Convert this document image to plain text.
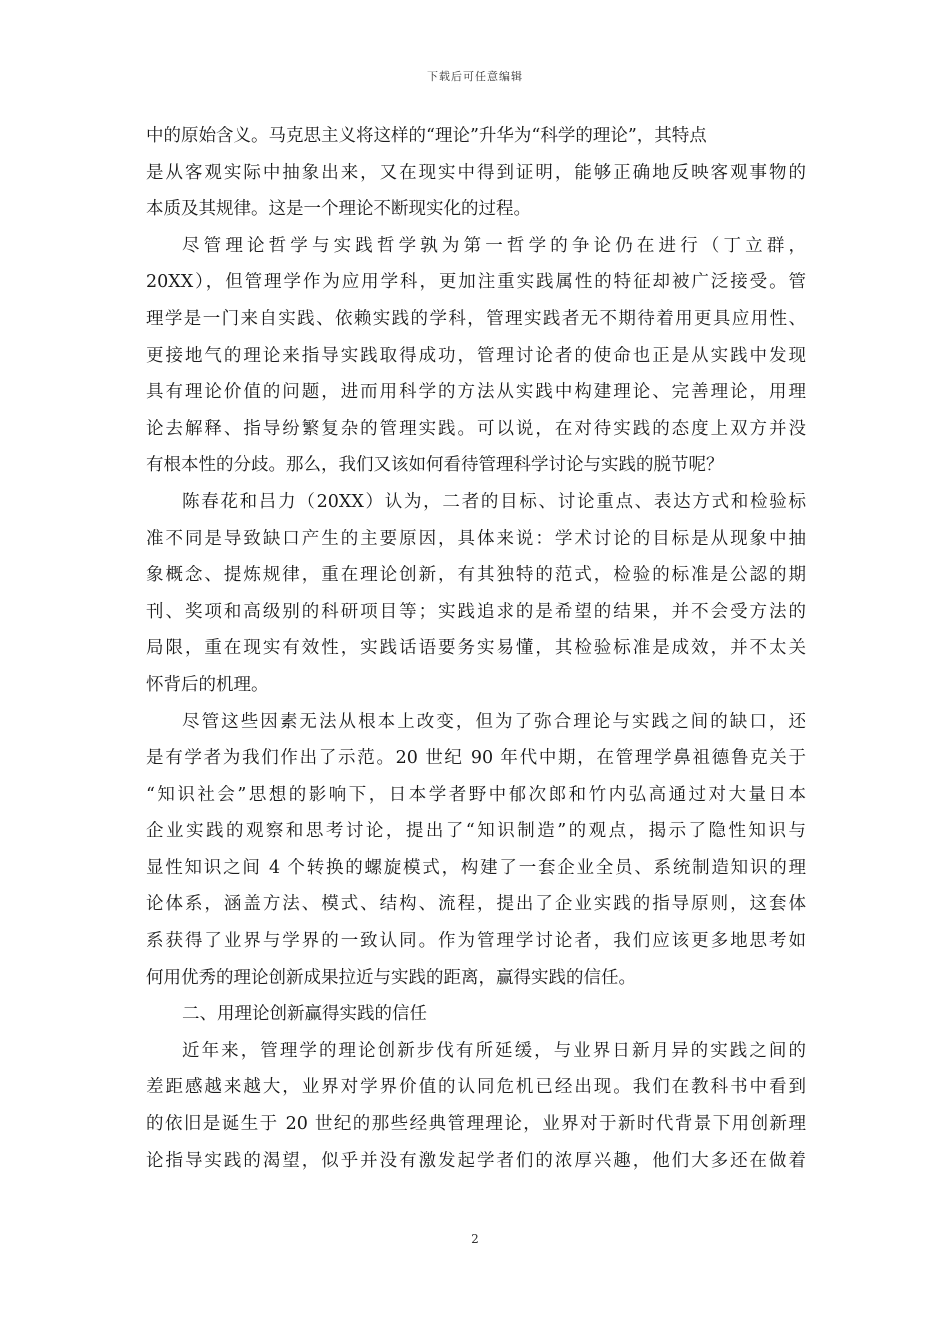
下载后可任意编辑
中的原始含义。马克思主义将这样的“理论”升华为“科学的理论”，其特点
是从客观实际中抽象出来，又在现实中得到证明，能够正确地反映客观事物的
本质及其规律。这是一个理论不断现实化的过程。
尽管理论哲学与实践哲学孰为第一哲学的争论仍在进行（丁立群，
20XX），但管理学作为应用学科，更加注重实践属性的特征却被广泛接受。管
理学是一门来自实践、依赖实践的学科，管理实践者无不期待着用更具应用性、
更接地气的理论来指导实践取得成功，管理讨论者的使命也正是从实践中发现
具有理论价值的问题，进而用科学的方法从实践中构建理论、完善理论，用理
论去解释、指导纷繁复杂的管理实践。可以说，在对待实践的态度上双方并没
有根本性的分歧。那么，我们又该如何看待管理科学讨论与实践的脱节呢？
陈春花和吕力（20XX）认为，二者的目标、讨论重点、表达方式和检验标
准不同是导致缺口产生的主要原因，具体来说：学术讨论的目标是从现象中抽
象概念、提炼规律，重在理论创新，有其独特的范式，检验的标准是公認的期
刊、奖项和高级别的科研项目等；实践追求的是希望的结果，并不会受方法的
局限，重在现实有效性，实践话语要务实易懂，其检验标准是成效，并不太关
怀背后的机理。
尽管这些因素无法从根本上改变，但为了弥合理论与实践之间的缺口，还
是有学者为我们作出了示范。20 世纪 90 年代中期，在管理学鼻祖德鲁克关于
“知识社会”思想的影响下，日本学者野中郁次郎和竹内弘高通过对大量日本
企业实践的观察和思考讨论，提出了“知识制造”的观点，揭示了隐性知识与
显性知识之间 4 个转换的螺旋模式，构建了一套企业全员、系统制造知识的理
论体系，涵盖方法、模式、结构、流程，提出了企业实践的指导原则，这套体
系获得了业界与学界的一致认同。作为管理学讨论者，我们应该更多地思考如
何用优秀的理论创新成果拉近与实践的距离，赢得实践的信任。
二、用理论创新赢得实践的信任
近年来，管理学的理论创新步伐有所延缓，与业界日新月异的实践之间的
差距感越来越大，业界对学界价值的认同危机已经出现。我们在教科书中看到
的依旧是诞生于 20 世纪的那些经典管理理论，业界对于新时代背景下用创新理
论指导实践的渴望，似乎并没有激发起学者们的浓厚兴趣，他们大多还在做着
2
